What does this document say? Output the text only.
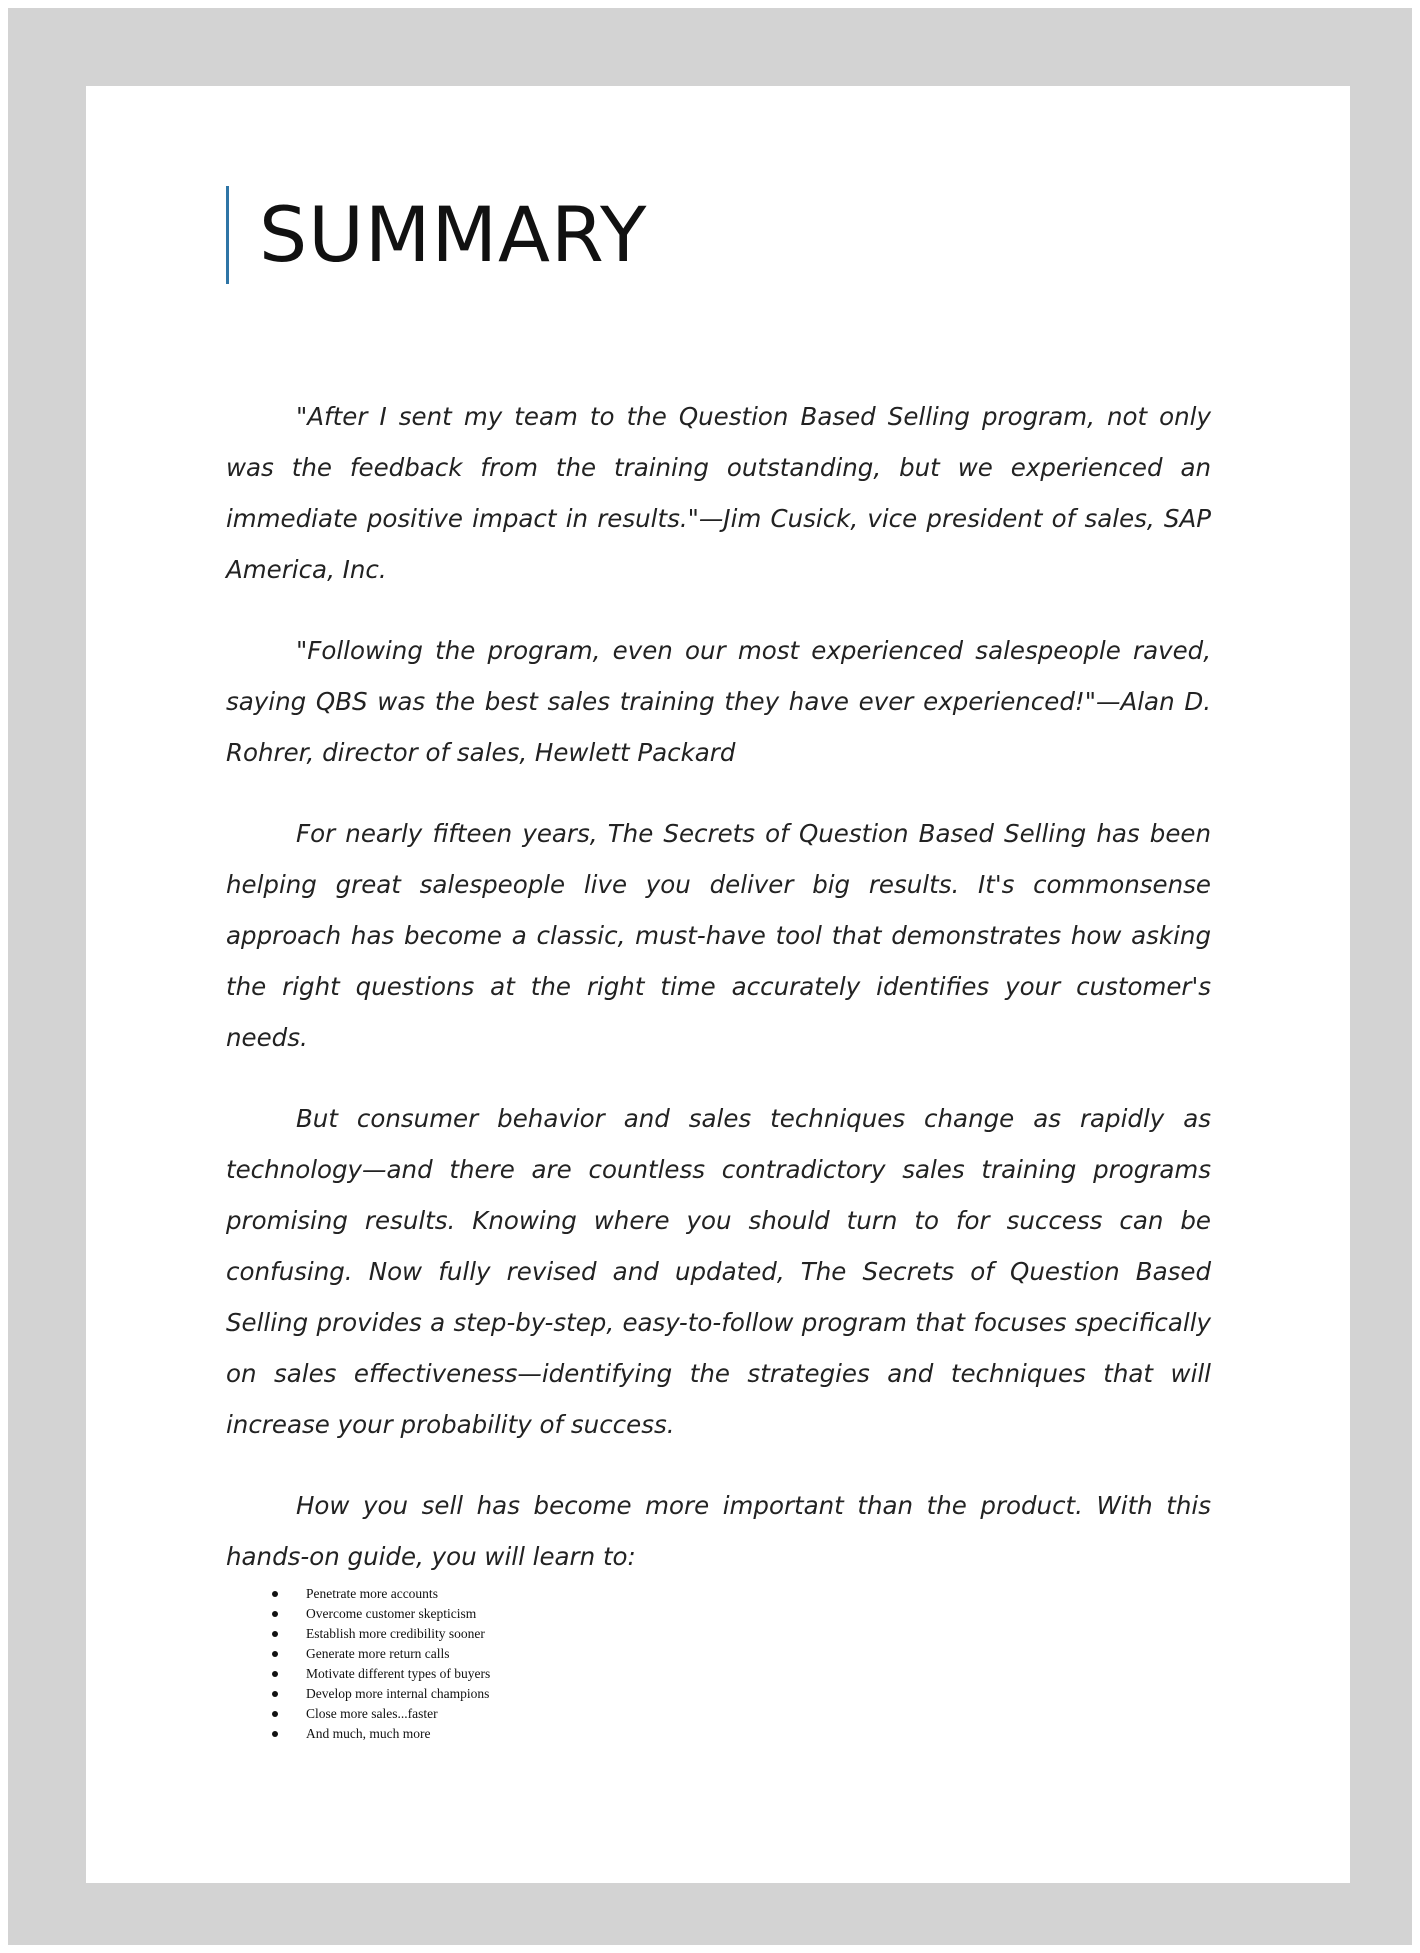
SUMMARY

"After I sent my team to the Question Based Selling program, not only was the feedback from the training outstanding, but we experienced an immediate positive impact in results."—Jim Cusick, vice president of sales, SAP America, Inc.

"Following the program, even our most experienced salespeople raved, saying QBS was the best sales training they have ever experienced!"—Alan D. Rohrer, director of sales, Hewlett Packard

For nearly fifteen years, The Secrets of Question Based Selling has been helping great salespeople live you deliver big results. It's commonsense approach has become a classic, must-have tool that demonstrates how asking the right questions at the right time accurately identifies your customer's needs.

But consumer behavior and sales techniques change as rapidly as technology—and there are countless contradictory sales training programs promising results. Knowing where you should turn to for success can be confusing. Now fully revised and updated, The Secrets of Question Based Selling provides a step-by-step, easy-to-follow program that focuses specifically on sales effectiveness—identifying the strategies and techniques that will increase your probability of success.

How you sell has become more important than the product. With this hands-on guide, you will learn to:

Penetrate more accounts
Overcome customer skepticism
Establish more credibility sooner
Generate more return calls
Motivate different types of buyers
Develop more internal champions
Close more sales...faster
And much, much more
